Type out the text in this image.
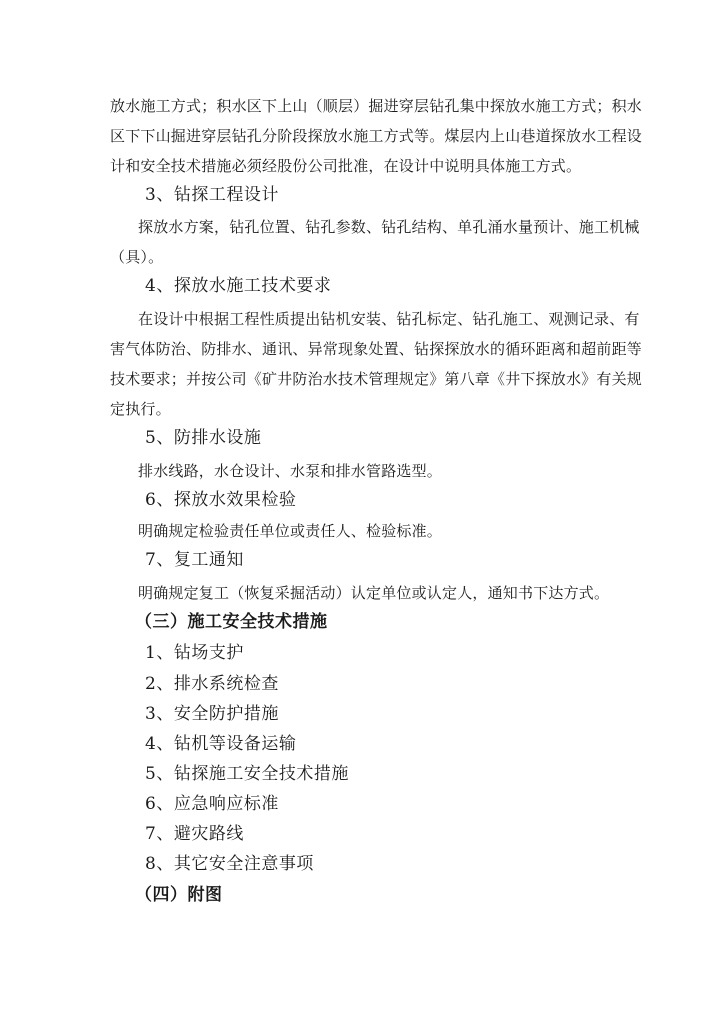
放水施工方式；积水区下上山（顺层）掘进穿层钻孔集中探放水施工方式；积水
区下下山掘进穿层钻孔分阶段探放水施工方式等。煤层内上山巷道探放水工程设
计和安全技术措施必须经股份公司批准，在设计中说明具体施工方式。
3、钻探工程设计
探放水方案，钻孔位置、钻孔参数、钻孔结构、单孔涌水量预计、施工机械
（具）。
4、探放水施工技术要求
在设计中根据工程性质提出钻机安装、钻孔标定、钻孔施工、观测记录、有
害气体防治、防排水、通讯、异常现象处置、钻探探放水的循环距离和超前距等
技术要求；并按公司《矿井防治水技术管理规定》第八章《井下探放水》有关规
定执行。
5、防排水设施
排水线路，水仓设计、水泵和排水管路选型。
6、探放水效果检验
明确规定检验责任单位或责任人、检验标准。
7、复工通知
明确规定复工（恢复采掘活动）认定单位或认定人，通知书下达方式。
（三）施工安全技术措施
1、钻场支护
2、排水系统检查
3、安全防护措施
4、钻机等设备运输
5、钻探施工安全技术措施
6、应急响应标准
7、避灾路线
8、其它安全注意事项
（四）附图
